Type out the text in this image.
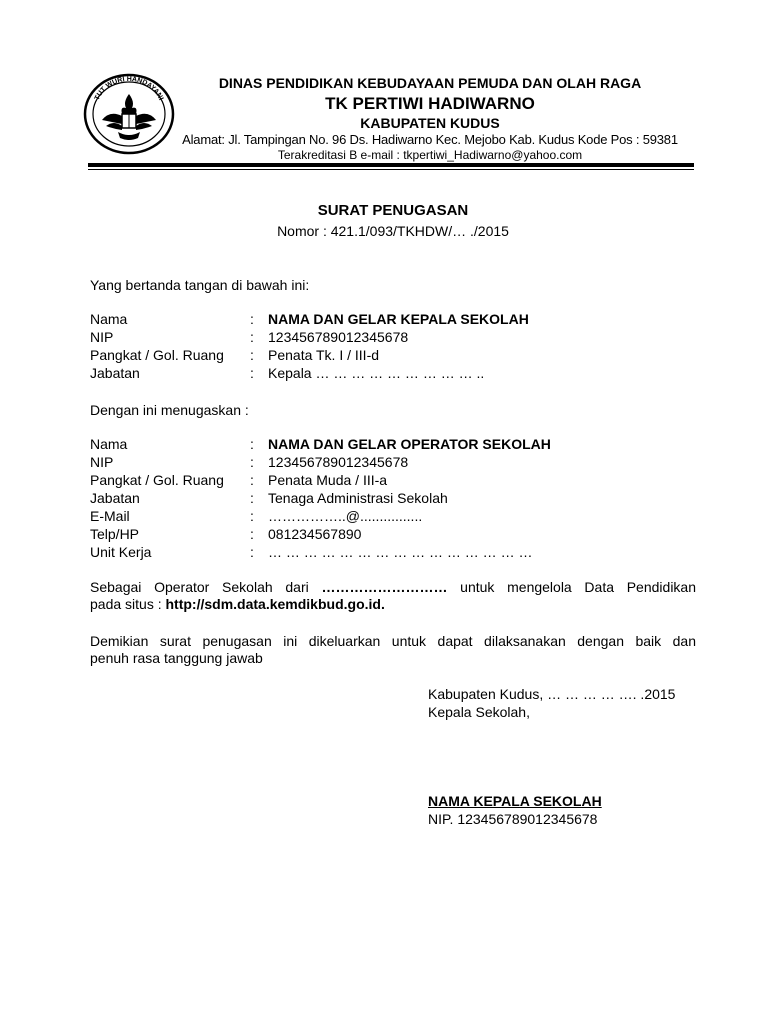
TUT WURI HANDAYANI
DINAS PENDIDIKAN KEBUDAYAAN PEMUDA DAN OLAH RAGA
TK PERTIWI HADIWARNO
KABUPATEN KUDUS
Alamat: Jl. Tampingan No. 96 Ds. Hadiwarno Kec. Mejobo Kab. Kudus Kode Pos : 59381
Terakreditasi B e-mail : tkpertiwi_Hadiwarno@yahoo.com
SURAT PENUGASAN
Nomor : 421.1/093/TKHDW/… ./2015
Yang bertanda tangan di bawah ini:
Nama	: NAMA DAN GELAR KEPALA SEKOLAH
NIP	: 123456789012345678
Pangkat / Gol. Ruang : Penata Tk. I / III-d
Jabatan	: Kepala … … … … … … … … … ..
Dengan ini menugaskan :
Nama	: NAMA DAN GELAR OPERATOR SEKOLAH
NIP	: 123456789012345678
Pangkat / Gol. Ruang : Penata Muda / III-a
Jabatan	: Tenaga Administrasi Sekolah
E-Mail	: ……………..@................
Telp/HP	: 081234567890
Unit Kerja	: … … … … … … … … … … … … … … …
Sebagai Operator Sekolah dari ……………………… untuk mengelola Data Pendidikan
pada situs : http://sdm.data.kemdikbud.go.id.
Demikian surat penugasan ini dikeluarkan untuk dapat dilaksanakan dengan baik dan
penuh rasa tanggung jawab
Kabupaten Kudus, … … … … …. .2015
Kepala Sekolah,
NAMA KEPALA SEKOLAH
NIP. 123456789012345678
